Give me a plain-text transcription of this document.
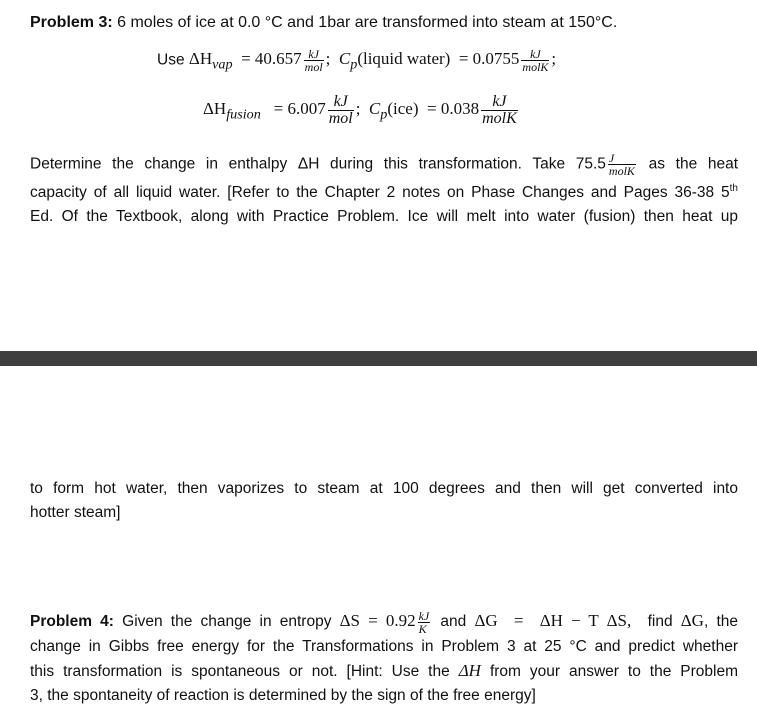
Problem 3: 6 moles of ice at 0.0 °C and 1bar are transformed into steam at 150°C.
Use $\Delta H_{vap} = 40.657 \frac{kJ}{\text{mol}}$ ;  $C_p(liquid$ water)  = $0.0755 \frac{kJ}{\text{molK}}$ ;
$\Delta H_{fusion} = 6.007 \frac{kJ}{\text{mol}}$ ;  $C_p(ice) = 0.038 \frac{kJ}{\text{molK}}$

Determine the change in enthalpy ΔH during this transformation. Take $75.5 \frac{J}{\text{molK}}$ as the heat

capacity of all liquid water. [Refer to the Chapter 2 notes on Phase Changes and Pages 36-38 5th

Ed. Of the Textbook, along with Practice Problem. Ice will melt into water (fusion) then heat up

to form hot water, then vaporizes to steam at 100 degrees and then will get converted into

hotter steam]

Problem 4: Given the change in entropy $\Delta S = 0.92 \frac{kJ}{K}$ and ΔG  =  ΔH − T ΔS, find ΔG, the

change in Gibbs free energy for the Transformations in Problem 3 at 25 °C and predict whether

this transformation is spontaneous or not. [Hint: Use the ΔH from your answer to the Problem

3, the spontaneity of reaction is determined by the sign of the free energy]
